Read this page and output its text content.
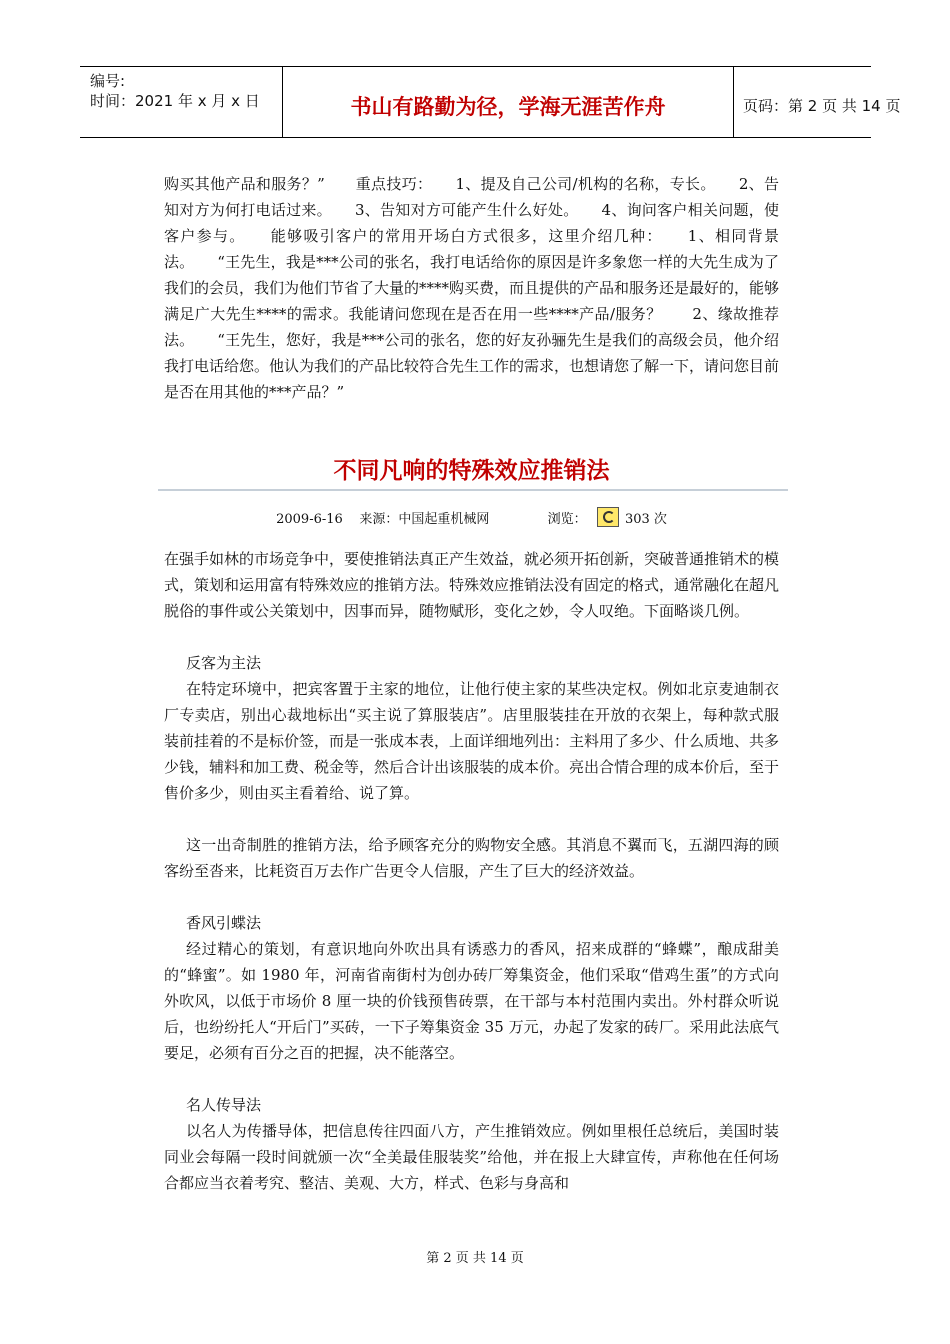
编号:
时间：2021 年 x 月 x 日	书山有路勤为径，学海无涯苦作舟	页码：第 2 页 共 14 页

购买其他产品和服务？”　　重点技巧：　　1、提及自己公司/机构的名称，专长。　　2、告知对方为何打电话过来。　　3、告知对方可能产生什么好处。　　4、询问客户相关问题，使客户参与。　　能够吸引客户的常用开场白方式很多，这里介绍几种：　　1、相同背景法。　　“王先生，我是***公司的张名，我打电话给你的原因是许多象您一样的大先生成为了我们的会员，我们为他们节省了大量的****购买费，而且提供的产品和服务还是最好的，能够满足广大先生****的需求。我能请问您现在是否在用一些****产品/服务？　　2、缘故推荐法。　　“王先生，您好，我是***公司的张名，您的好友孙骊先生是我们的高级会员，他介绍我打电话给您。他认为我们的产品比较符合先生工作的需求，也想请您了解一下，请问您目前是否在用其他的***产品？”

不同凡响的特殊效应推销法
2009-6-16 来源：中国起重机械网	浏览：	303 次

在强手如林的市场竞争中，要使推销法真正产生效益，就必须开拓创新，突破普通推销术的模式，策划和运用富有特殊效应的推销方法。特殊效应推销法没有固定的格式，通常融化在超凡脱俗的事件或公关策划中，因事而异，随物赋形，变化之妙，令人叹绝。下面略谈几例。

反客为主法

在特定环境中，把宾客置于主家的地位，让他行使主家的某些决定权。例如北京麦迪制衣厂专卖店，别出心裁地标出“买主说了算服装店”。店里服装挂在开放的衣架上，每种款式服装前挂着的不是标价签，而是一张成本表，上面详细地列出：主料用了多少、什么质地、共多少钱，辅料和加工费、税金等，然后合计出该服装的成本价。亮出合情合理的成本价后，至于售价多少，则由买主看着给、说了算。

这一出奇制胜的推销方法，给予顾客充分的购物安全感。其消息不翼而飞，五湖四海的顾客纷至沓来，比耗资百万去作广告更令人信服，产生了巨大的经济效益。

香风引蝶法

经过精心的策划，有意识地向外吹出具有诱惑力的香风，招来成群的“蜂蝶”，酿成甜美的“蜂蜜”。如 1980 年，河南省南街村为创办砖厂筹集资金，他们采取“借鸡生蛋”的方式向外吹风，以低于市场价 8 厘一块的价钱预售砖票，在干部与本村范围内卖出。外村群众听说后，也纷纷托人“开后门”买砖，一下子筹集资金 35 万元，办起了发家的砖厂。采用此法底气要足，必须有百分之百的把握，决不能落空。

名人传导法

以名人为传播导体，把信息传往四面八方，产生推销效应。例如里根任总统后，美国时装同业会每隔一段时间就颁一次“全美最佳服装奖”给他，并在报上大肆宣传，声称他在任何场合都应当衣着考究、整洁、美观、大方，样式、色彩与身高和

第 2 页 共 14 页
